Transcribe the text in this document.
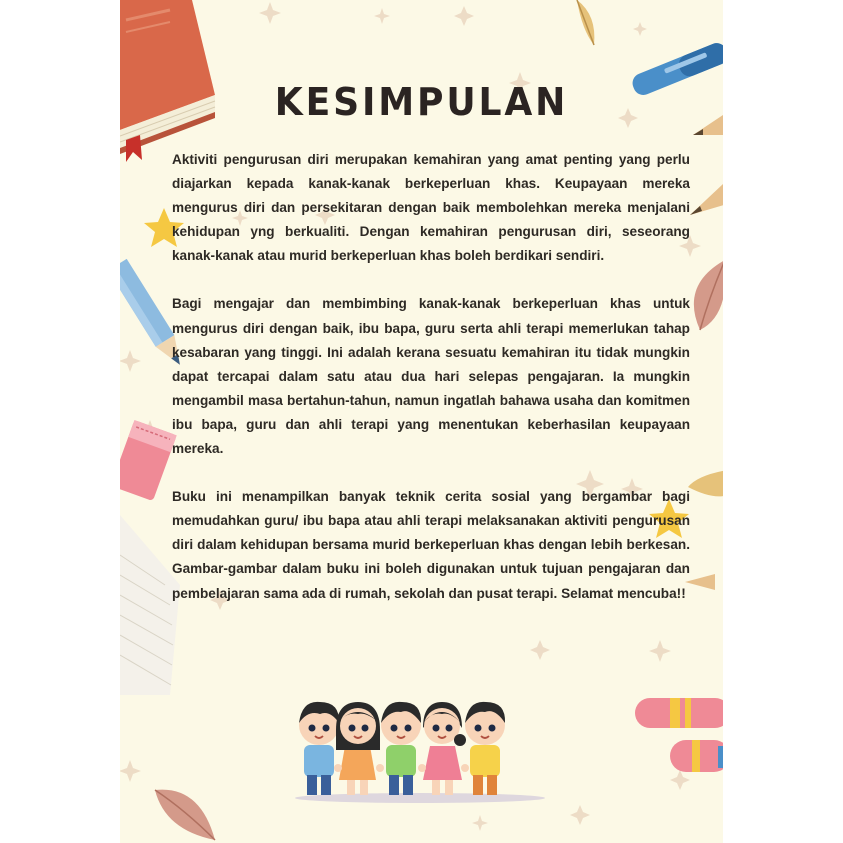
KESIMPULAN

Aktiviti pengurusan diri merupakan kemahiran yang amat penting yang perlu diajarkan kepada kanak-kanak berkeperluan khas. Keupayaan mereka mengurus diri dan persekitaran dengan baik membolehkan mereka menjalani kehidupan yng berkualiti. Dengan kemahiran pengurusan diri, seseorang kanak-kanak atau murid berkeperluan khas boleh berdikari sendiri.

Bagi mengajar dan membimbing kanak-kanak berkeperluan khas untuk mengurus diri dengan baik, ibu bapa, guru serta ahli terapi memerlukan tahap kesabaran yang tinggi. Ini adalah kerana sesuatu kemahiran itu tidak mungkin dapat tercapai dalam satu atau dua hari selepas pengajaran. Ia mungkin mengambil masa bertahun-tahun, namun ingatlah bahawa usaha dan komitmen ibu bapa, guru dan ahli terapi yang menentukan keberhasilan keupayaan mereka.

Buku ini menampilkan banyak teknik cerita sosial yang bergambar bagi memudahkan guru/ ibu bapa atau ahli terapi melaksanakan aktiviti pengurusan diri dalam kehidupan bersama murid berkeperluan khas dengan lebih berkesan. Gambar-gambar dalam buku ini boleh digunakan untuk tujuan pengajaran dan pembelajaran sama ada di rumah, sekolah dan pusat terapi. Selamat mencuba!!
